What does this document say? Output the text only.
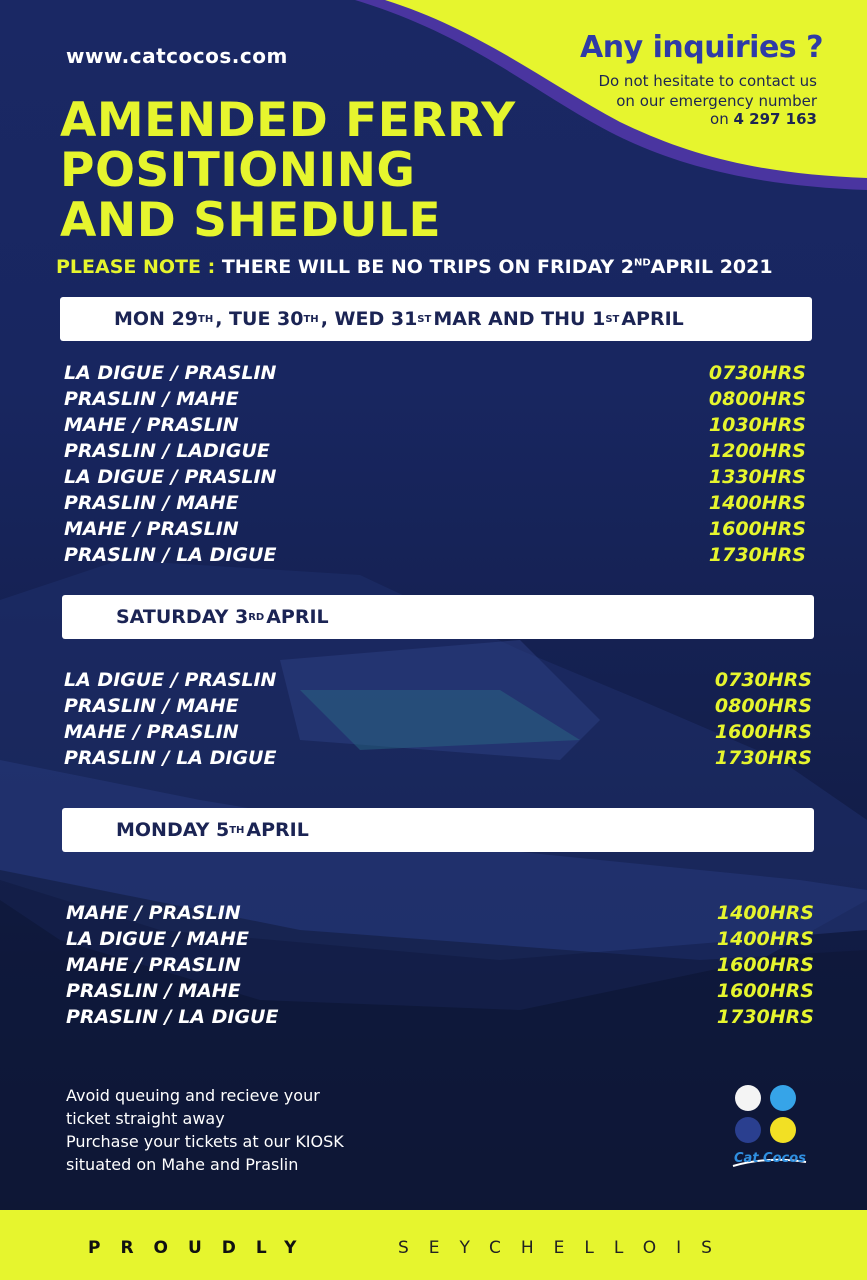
www.catcocos.com	Any inquiries ?
Do not hesitate to contact us
on our emergency number
on 4 297 163
AMENDED FERRY
POSITIONING
AND SHEDULE
PLEASE NOTE : THERE WILL BE NO TRIPS ON FRIDAY 2NDAPRIL 2021
MON 29 TH , TUE 30 TH , WED 31 ST MAR AND THU 1 ST APRIL
LA DIGUE / PRASLIN	0730HRS
PRASLIN / MAHE	0800HRS
MAHE / PRASLIN	1030HRS
PRASLIN / LADIGUE	1200HRS
LA DIGUE / PRASLIN	1330HRS
PRASLIN / MAHE	1400HRS
MAHE / PRASLIN	1600HRS
PRASLIN / LA DIGUE	1730HRS
SATURDAY 3 RD APRIL
LA DIGUE / PRASLIN	0730HRS
PRASLIN / MAHE	0800HRS
MAHE / PRASLIN	1600HRS
PRASLIN / LA DIGUE	1730HRS
MONDAY 5 TH APRIL
MAHE / PRASLIN	1400HRS
LA DIGUE / MAHE	1400HRS
MAHE / PRASLIN	1600HRS
PRASLIN / MAHE	1600HRS
PRASLIN / LA DIGUE	1730HRS
Avoid queuing and recieve your
ticket straight away
Purchase your tickets at our KIOSK
situated on Mahe and Praslin	Cat Cocos
PROUDLY	SEYCHELLOIS
